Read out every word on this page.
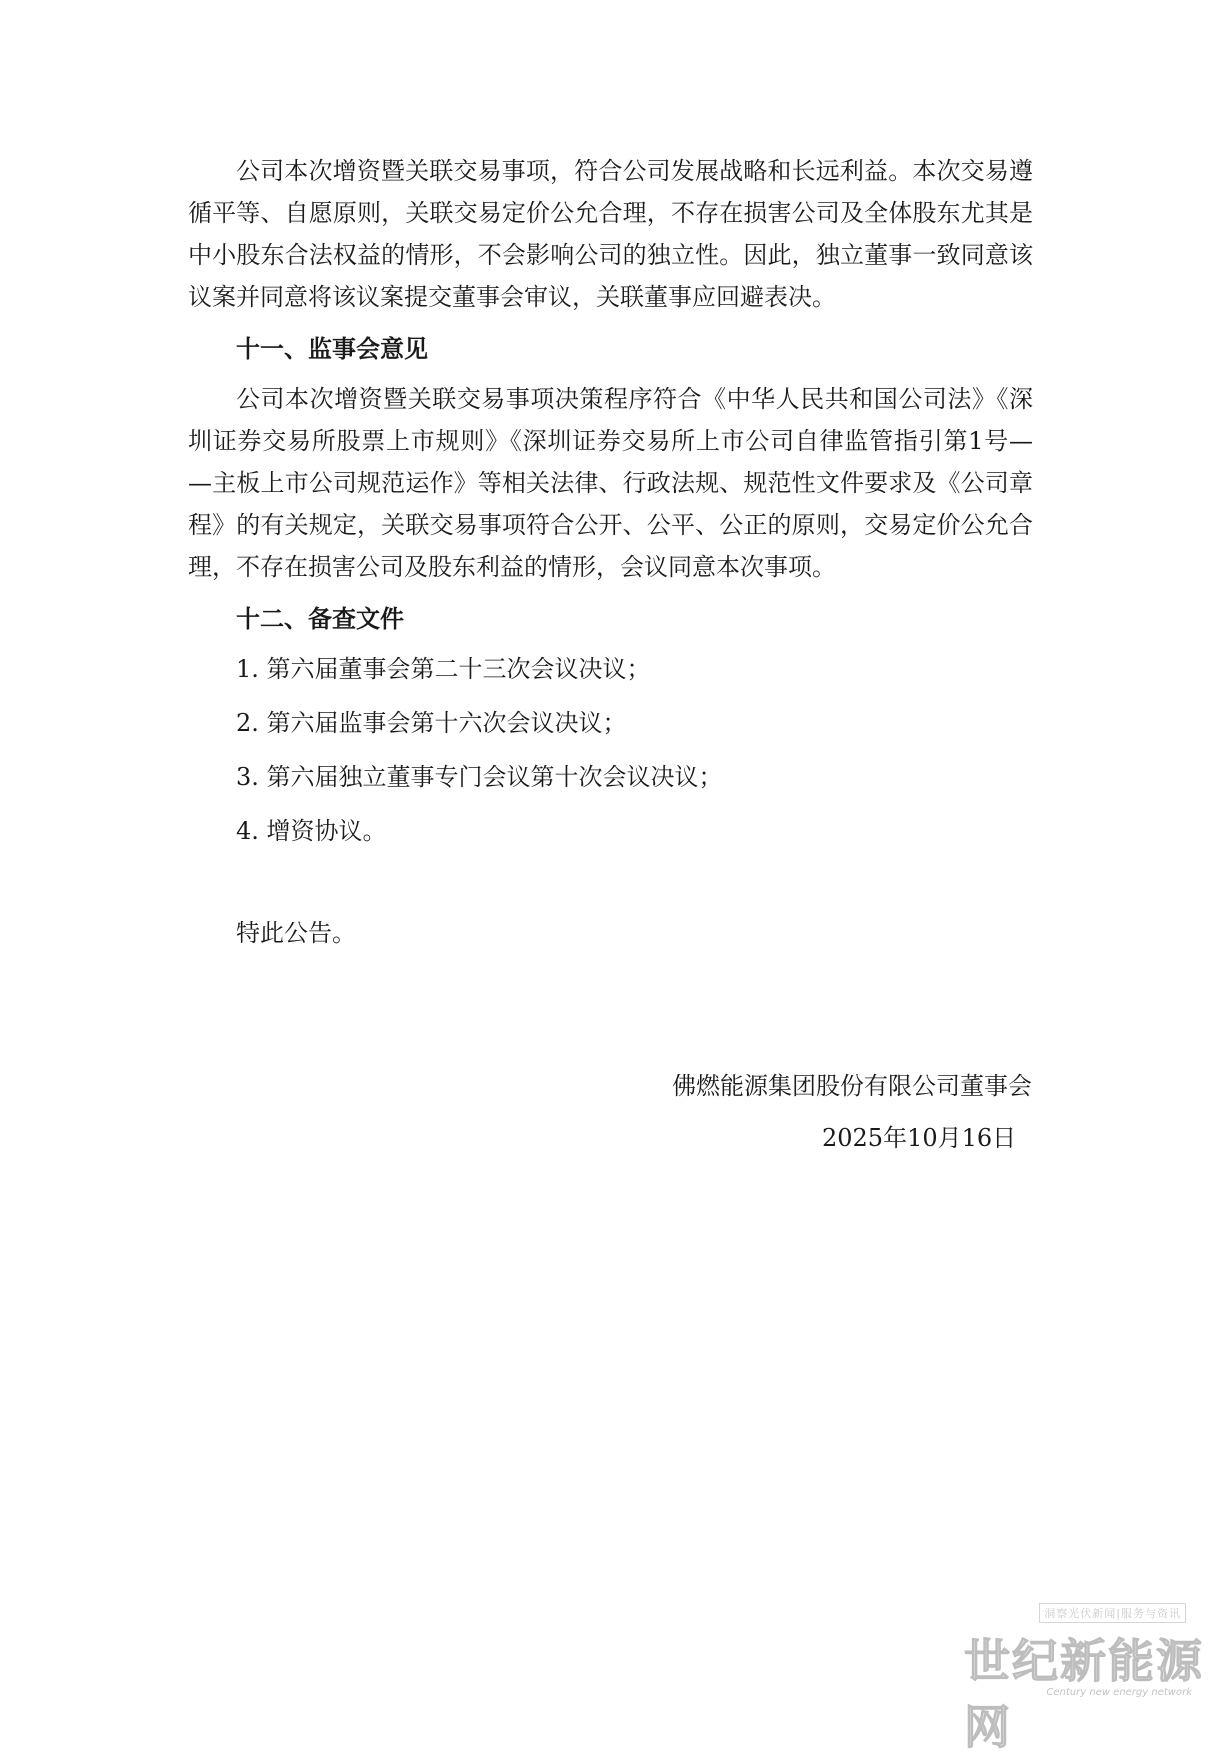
公司本次增资暨关联交易事项，符合公司发展战略和长远利益。本次交易遵
循平等、自愿原则，关联交易定价公允合理，不存在损害公司及全体股东尤其是
中小股东合法权益的情形，不会影响公司的独立性。因此，独立董事一致同意该
议案并同意将该议案提交董事会审议，关联董事应回避表决。
十一、监事会意见
公司本次增资暨关联交易事项决策程序符合《中华人民共和国公司法》《深
圳证券交易所股票上市规则》《深圳证券交易所上市公司自律监管指引第1号—
—主板上市公司规范运作》等相关法律、行政法规、规范性文件要求及《公司章
程》的有关规定，关联交易事项符合公开、公平、公正的原则，交易定价公允合
理，不存在损害公司及股东利益的情形，会议同意本次事项。
十二、备查文件
1. 第六届董事会第二十三次会议决议；
2. 第六届监事会第十六次会议决议；
3. 第六届独立董事专门会议第十次会议决议；
4. 增资协议。
特此公告。
佛燃能源集团股份有限公司董事会
2025年10月16日
洞察光伏新闻|服务与资讯
世纪新能源网
Century new energy network
